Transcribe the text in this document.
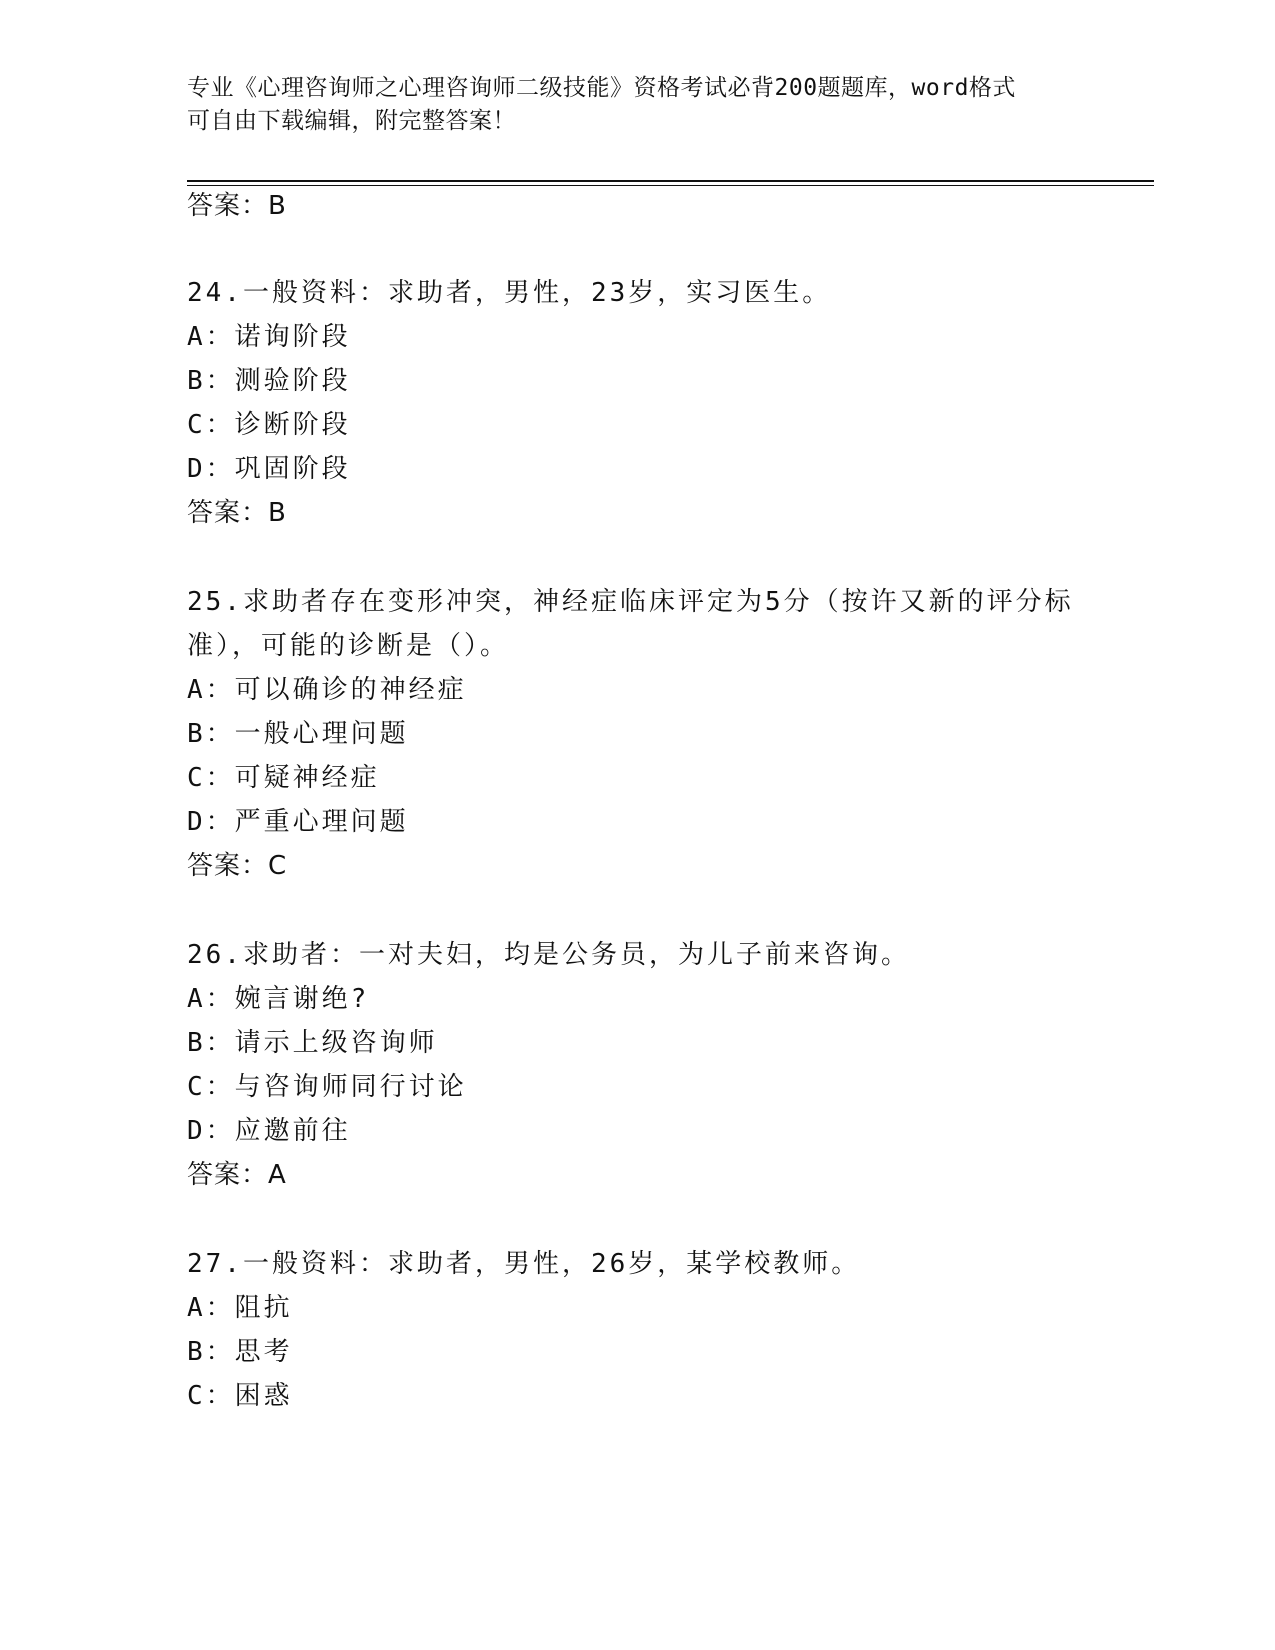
专业《心理咨询师之心理咨询师二级技能》资格考试必背200题题库，word格式
可自由下载编辑，附完整答案！
答案：B
24.一般资料：求助者，男性，23岁，实习医生。
A：诺询阶段
B：测验阶段
C：诊断阶段
D：巩固阶段
答案：B
25.求助者存在变形冲突，神经症临床评定为5分（按许又新的评分标
准），可能的诊断是（）。
A：可以确诊的神经症
B：一般心理问题
C：可疑神经症
D：严重心理问题
答案：C
26.求助者：一对夫妇，均是公务员，为儿子前来咨询。
A：婉言谢绝?
B：请示上级咨询师
C：与咨询师同行讨论
D：应邀前往
答案：A
27.一般资料：求助者，男性，26岁，某学校教师。
A：阻抗
B：思考
C：困惑
